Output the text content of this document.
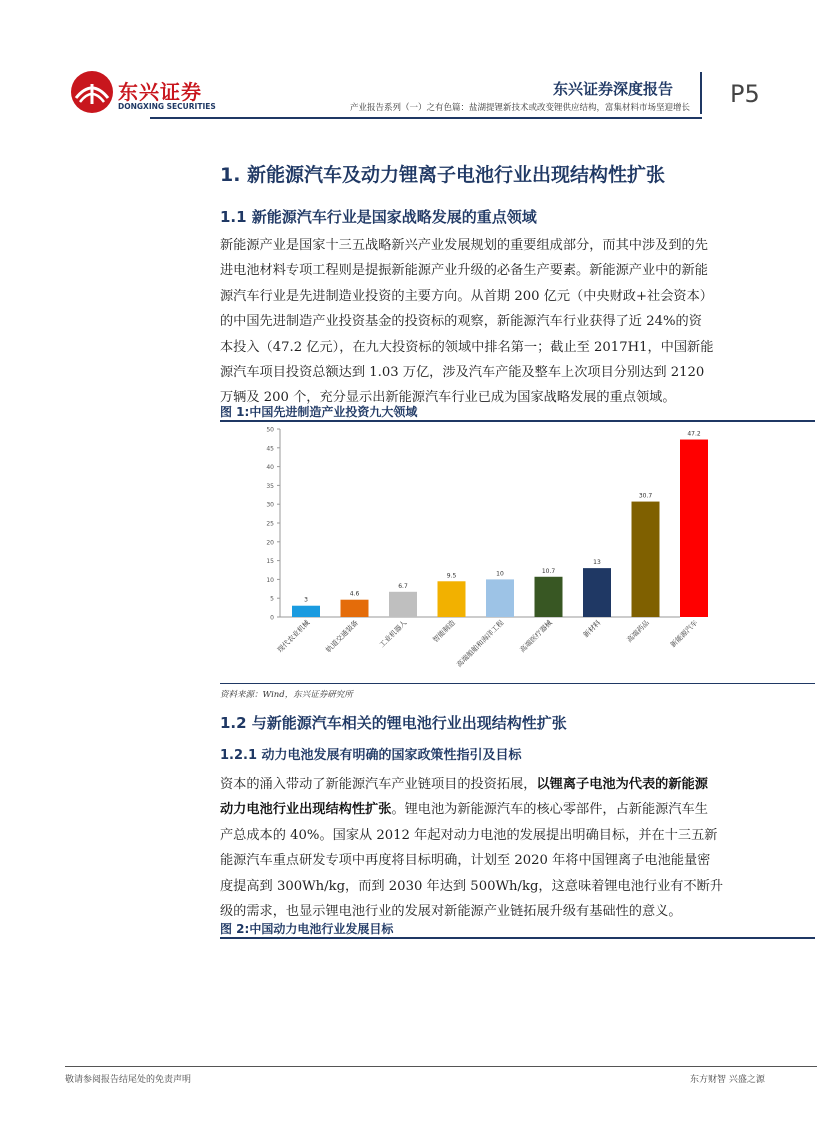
东兴证券
DONGXING SECURITIES
东兴证券深度报告
产业报告系列（一）之有色篇：盐湖提锂新技术或改变锂供应结构，富集材料市场坚迎增长 P5
1. 新能源汽车及动力锂离子电池行业出现结构性扩张
1.1 新能源汽车行业是国家战略发展的重点领域
新能源产业是国家十三五战略新兴产业发展规划的重要组成部分，而其中涉及到的先
进电池材料专项工程则是提振新能源产业升级的必备生产要素。新能源产业中的新能
源汽车行业是先进制造业投资的主要方向。从首期 200 亿元（中央财政+社会资本）
的中国先进制造产业投资基金的投资标的观察，新能源汽车行业获得了近 24%的资
本投入（47.2 亿元），在九大投资标的领域中排名第一；截止至 2017H1，中国新能
源汽车项目投资总额达到 1.03 万亿，涉及汽车产能及整车上次项目分别达到 2120
万辆及 200 个，充分显示出新能源汽车行业已成为国家战略发展的重点领域。
图 1:中国先进制造产业投资九大领域
0
5
10
15
20
25
30
35
40
45
50
3
4.6
6.7
9.5	10	10.7
13
30.7
47.2
现代农业机械 轨道交通装备	工业机器人	智能制造
高端船舶和海洋工程 高端医疗器械	新材料	高端药品	新能源汽车
资料来源：Wind，东兴证券研究所
1.2 与新能源汽车相关的锂电池行业出现结构性扩张
1.2.1 动力电池发展有明确的国家政策性指引及目标
资本的涌入带动了新能源汽车产业链项目的投资拓展，以锂离子电池为代表的新能源
动力电池行业出现结构性扩张。锂电池为新能源汽车的核心零部件，占新能源汽车生
产总成本的 40%。国家从 2012 年起对动力电池的发展提出明确目标，并在十三五新
能源汽车重点研发专项中再度将目标明确，计划至 2020 年将中国锂离子电池能量密
度提高到 300Wh/kg，而到 2030 年达到 500Wh/kg，这意味着锂电池行业有不断升
级的需求，也显示锂电池行业的发展对新能源产业链拓展升级有基础性的意义。
图 2:中国动力电池行业发展目标
敬请参阅报告结尾处的免责声明	东方财智 兴盛之源
